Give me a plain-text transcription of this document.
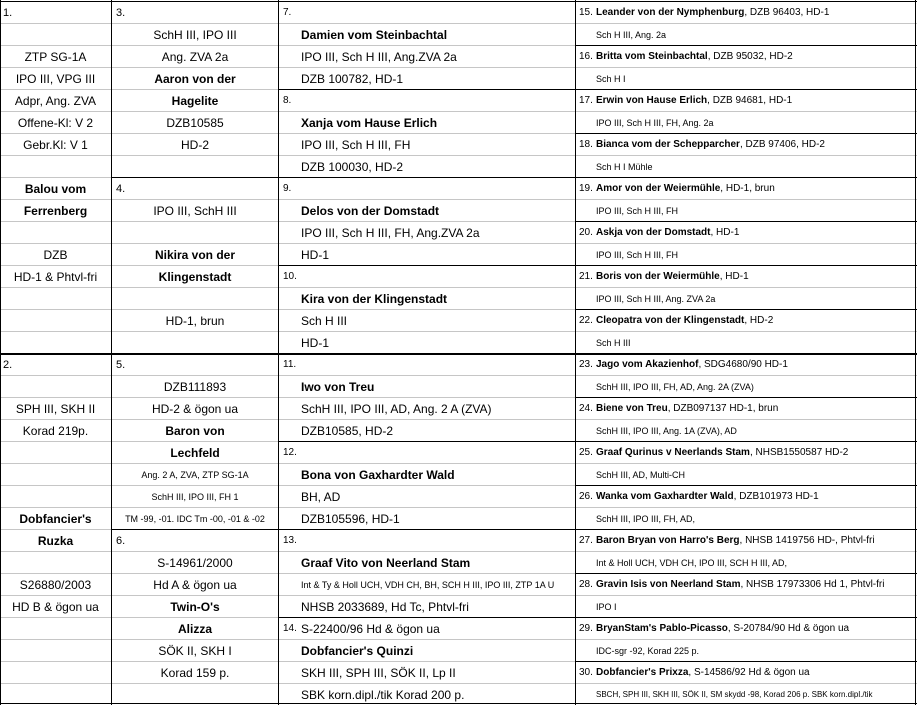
1.
ZTP SG-1A
IPO III, VPG III
Adpr, Ang. ZVA
Offene-Kl: V 2
Gebr.Kl: V 1
Balou vom
Ferrenberg
DZB
HD-1 & Phtvl-fri
2.
SPH III, SKH II
Korad 219p.
Dobfancier's
Ruzka
S26880/2003
HD B & ögon ua
3.
SchH III, IPO III
Ang. ZVA 2a
Aaron von der
Hagelite
DZB10585
HD-2
4.
IPO III, SchH III
Nikira von der
Klingenstadt
HD-1, brun
5.
DZB111893
HD-2 & ögon ua
Baron von
Lechfeld
Ang. 2 A, ZVA, ZTP SG-1A
SchH III, IPO III, FH 1
TM -99, -01. IDC Tm -00, -01 & -02
6.
S-14961/2000
Hd A & ögon ua
Twin-O's
Alizza
SÖK II, SKH I
Korad 159 p.
7.
Damien vom Steinbachtal
IPO III, Sch H III, Ang.ZVA 2a
DZB 100782, HD-1
8.
Xanja vom Hause Erlich
IPO III, Sch H III, FH
DZB 100030, HD-2
9.
Delos von der Domstadt
IPO III, Sch H III, FH, Ang.ZVA 2a
HD-1
10.
Kira von der Klingenstadt
Sch H III
HD-1
11.
Iwo von Treu
SchH III, IPO III, AD, Ang. 2 A (ZVA)
DZB10585, HD-2
12.
Bona von Gaxhardter Wald
BH, AD
DZB105596, HD-1
13.
Graaf Vito von Neerland Stam
Int & Ty & Holl UCH, VDH CH, BH, SCH H III, IPO III, ZTP 1A U
NHSB 2033689, Hd Tc, Phtvl-fri
14. S-22400/96 Hd & ögon ua
Dobfancier's Quinzi
SKH III, SPH III, SÖK II, Lp II
SBK korn.dipl./tik Korad 200 p.
15. Leander von der Nymphenburg, DZB 96403, HD-1
Sch H III, Ang. 2a
16. Britta vom Steinbachtal, DZB 95032, HD-2
Sch H I
17. Erwin von Hause Erlich, DZB 94681, HD-1
IPO III, Sch H III, FH, Ang. 2a
18. Bianca vom der Schepparcher, DZB 97406, HD-2
Sch H I Mühle
19. Amor von der Weiermühle, HD-1, brun
IPO III, Sch H III, FH
20. Askja von der Domstadt, HD-1
IPO III, Sch H III, FH
21. Boris von der Weiermühle, HD-1
IPO III, Sch H III, Ang. ZVA 2a
22. Cleopatra von der Klingenstadt, HD-2
Sch H III
23. Jago vom Akazienhof, SDG4680/90 HD-1
SchH III, IPO III, FH, AD, Ang. 2A (ZVA)
24. Biene von Treu, DZB097137 HD-1, brun
SchH III, IPO III, Ang. 1A (ZVA), AD
25. Graaf Qurinus v Neerlands Stam, NHSB1550587 HD-2
SchH III, AD, Multi-CH
26. Wanka vom Gaxhardter Wald, DZB101973 HD-1
SchH III, IPO III, FH, AD,
27. Baron Bryan von Harro's Berg, NHSB 1419756 HD-, Phtvl-fri
Int & Holl UCH, VDH CH, IPO III, SCH H III, AD,
28. Gravin Isis von Neerland Stam, NHSB 17973306 Hd 1, Phtvl-fri
IPO I
29. BryanStam's Pablo-Picasso, S-20784/90 Hd & ögon ua
IDC-sgr -92, Korad 225 p.
30. Dobfancier's Prixza, S-14586/92 Hd & ögon ua
SBCH, SPH III, SKH III, SÖK II, SM skydd -98, Korad 206 p. SBK korn.dipl./tik
